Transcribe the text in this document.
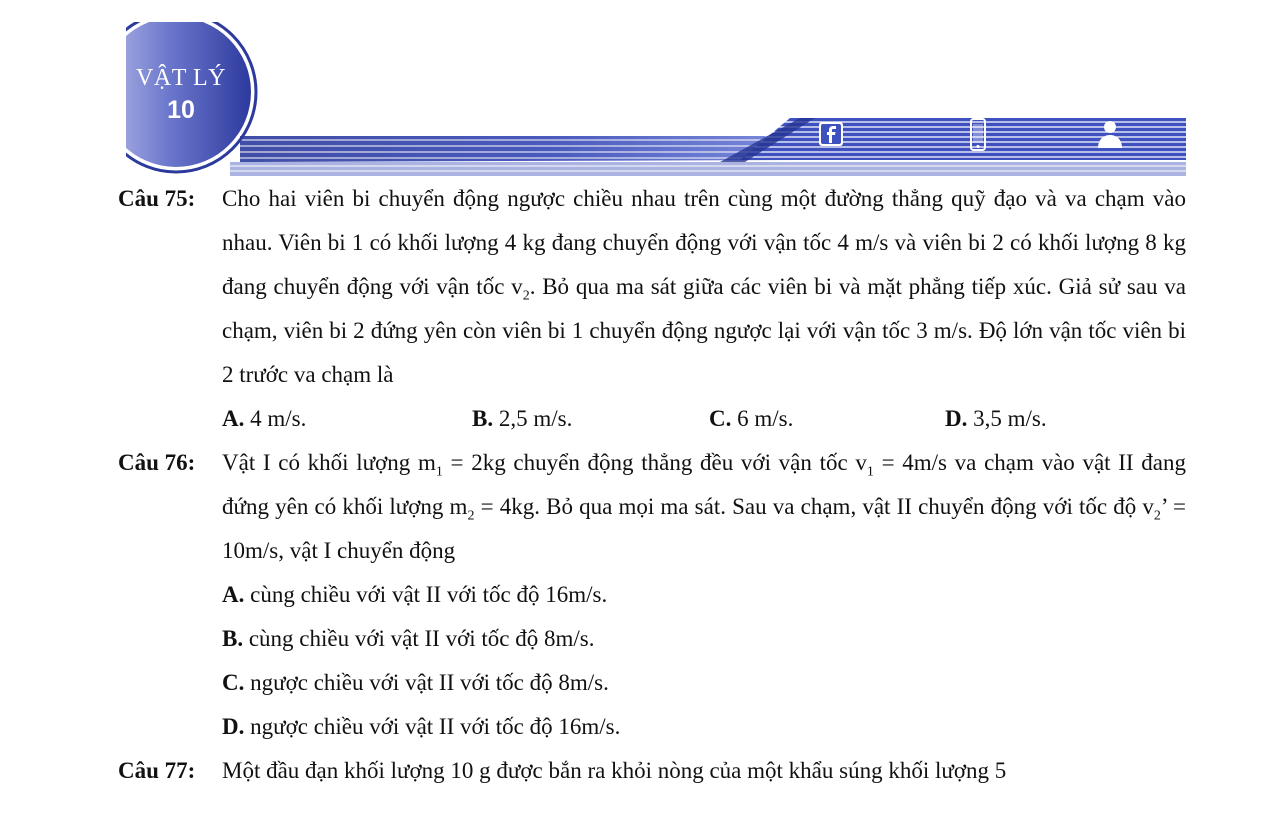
VẬT LÝ
10
Câu 75: Cho hai viên bi chuyển động ngược chiều nhau trên cùng một đường thẳng quỹ đạo và va chạm vào nhau. Viên bi 1 có khối lượng 4 kg đang chuyển động với vận tốc 4 m/s và viên bi 2 có khối lượng 8 kg đang chuyển động với vận tốc $v_2$. Bỏ qua ma sát giữa các viên bi và mặt phẳng tiếp xúc. Giả sử sau va chạm, viên bi 2 đứng yên còn viên bi 1 chuyển động ngược lại với vận tốc 3 m/s. Độ lớn vận tốc viên bi 2 trước va chạm là
A. 4 m/s.	B. 2,5 m/s.	C. 6 m/s.	D. 3,5 m/s.
Câu 76: Vật I có khối lượng $m_1 = 2kg$ chuyển động thẳng đều với vận tốc $v_1 = 4m/s$ va chạm vào vật II đang đứng yên có khối lượng $m_2 = 4kg$. Bỏ qua mọi ma sát. Sau va chạm, vật II chuyển động với tốc độ $v_2$’ = 10m/s, vật I chuyển động
A. cùng chiều với vật II với tốc độ 16m/s.
B. cùng chiều với vật II với tốc độ 8m/s.
C. ngược chiều với vật II với tốc độ 8m/s.
D. ngược chiều với vật II với tốc độ 16m/s.
Câu 77: Một đầu đạn khối lượng 10 g được bắn ra khỏi nòng của một khẩu súng khối lượng 5
